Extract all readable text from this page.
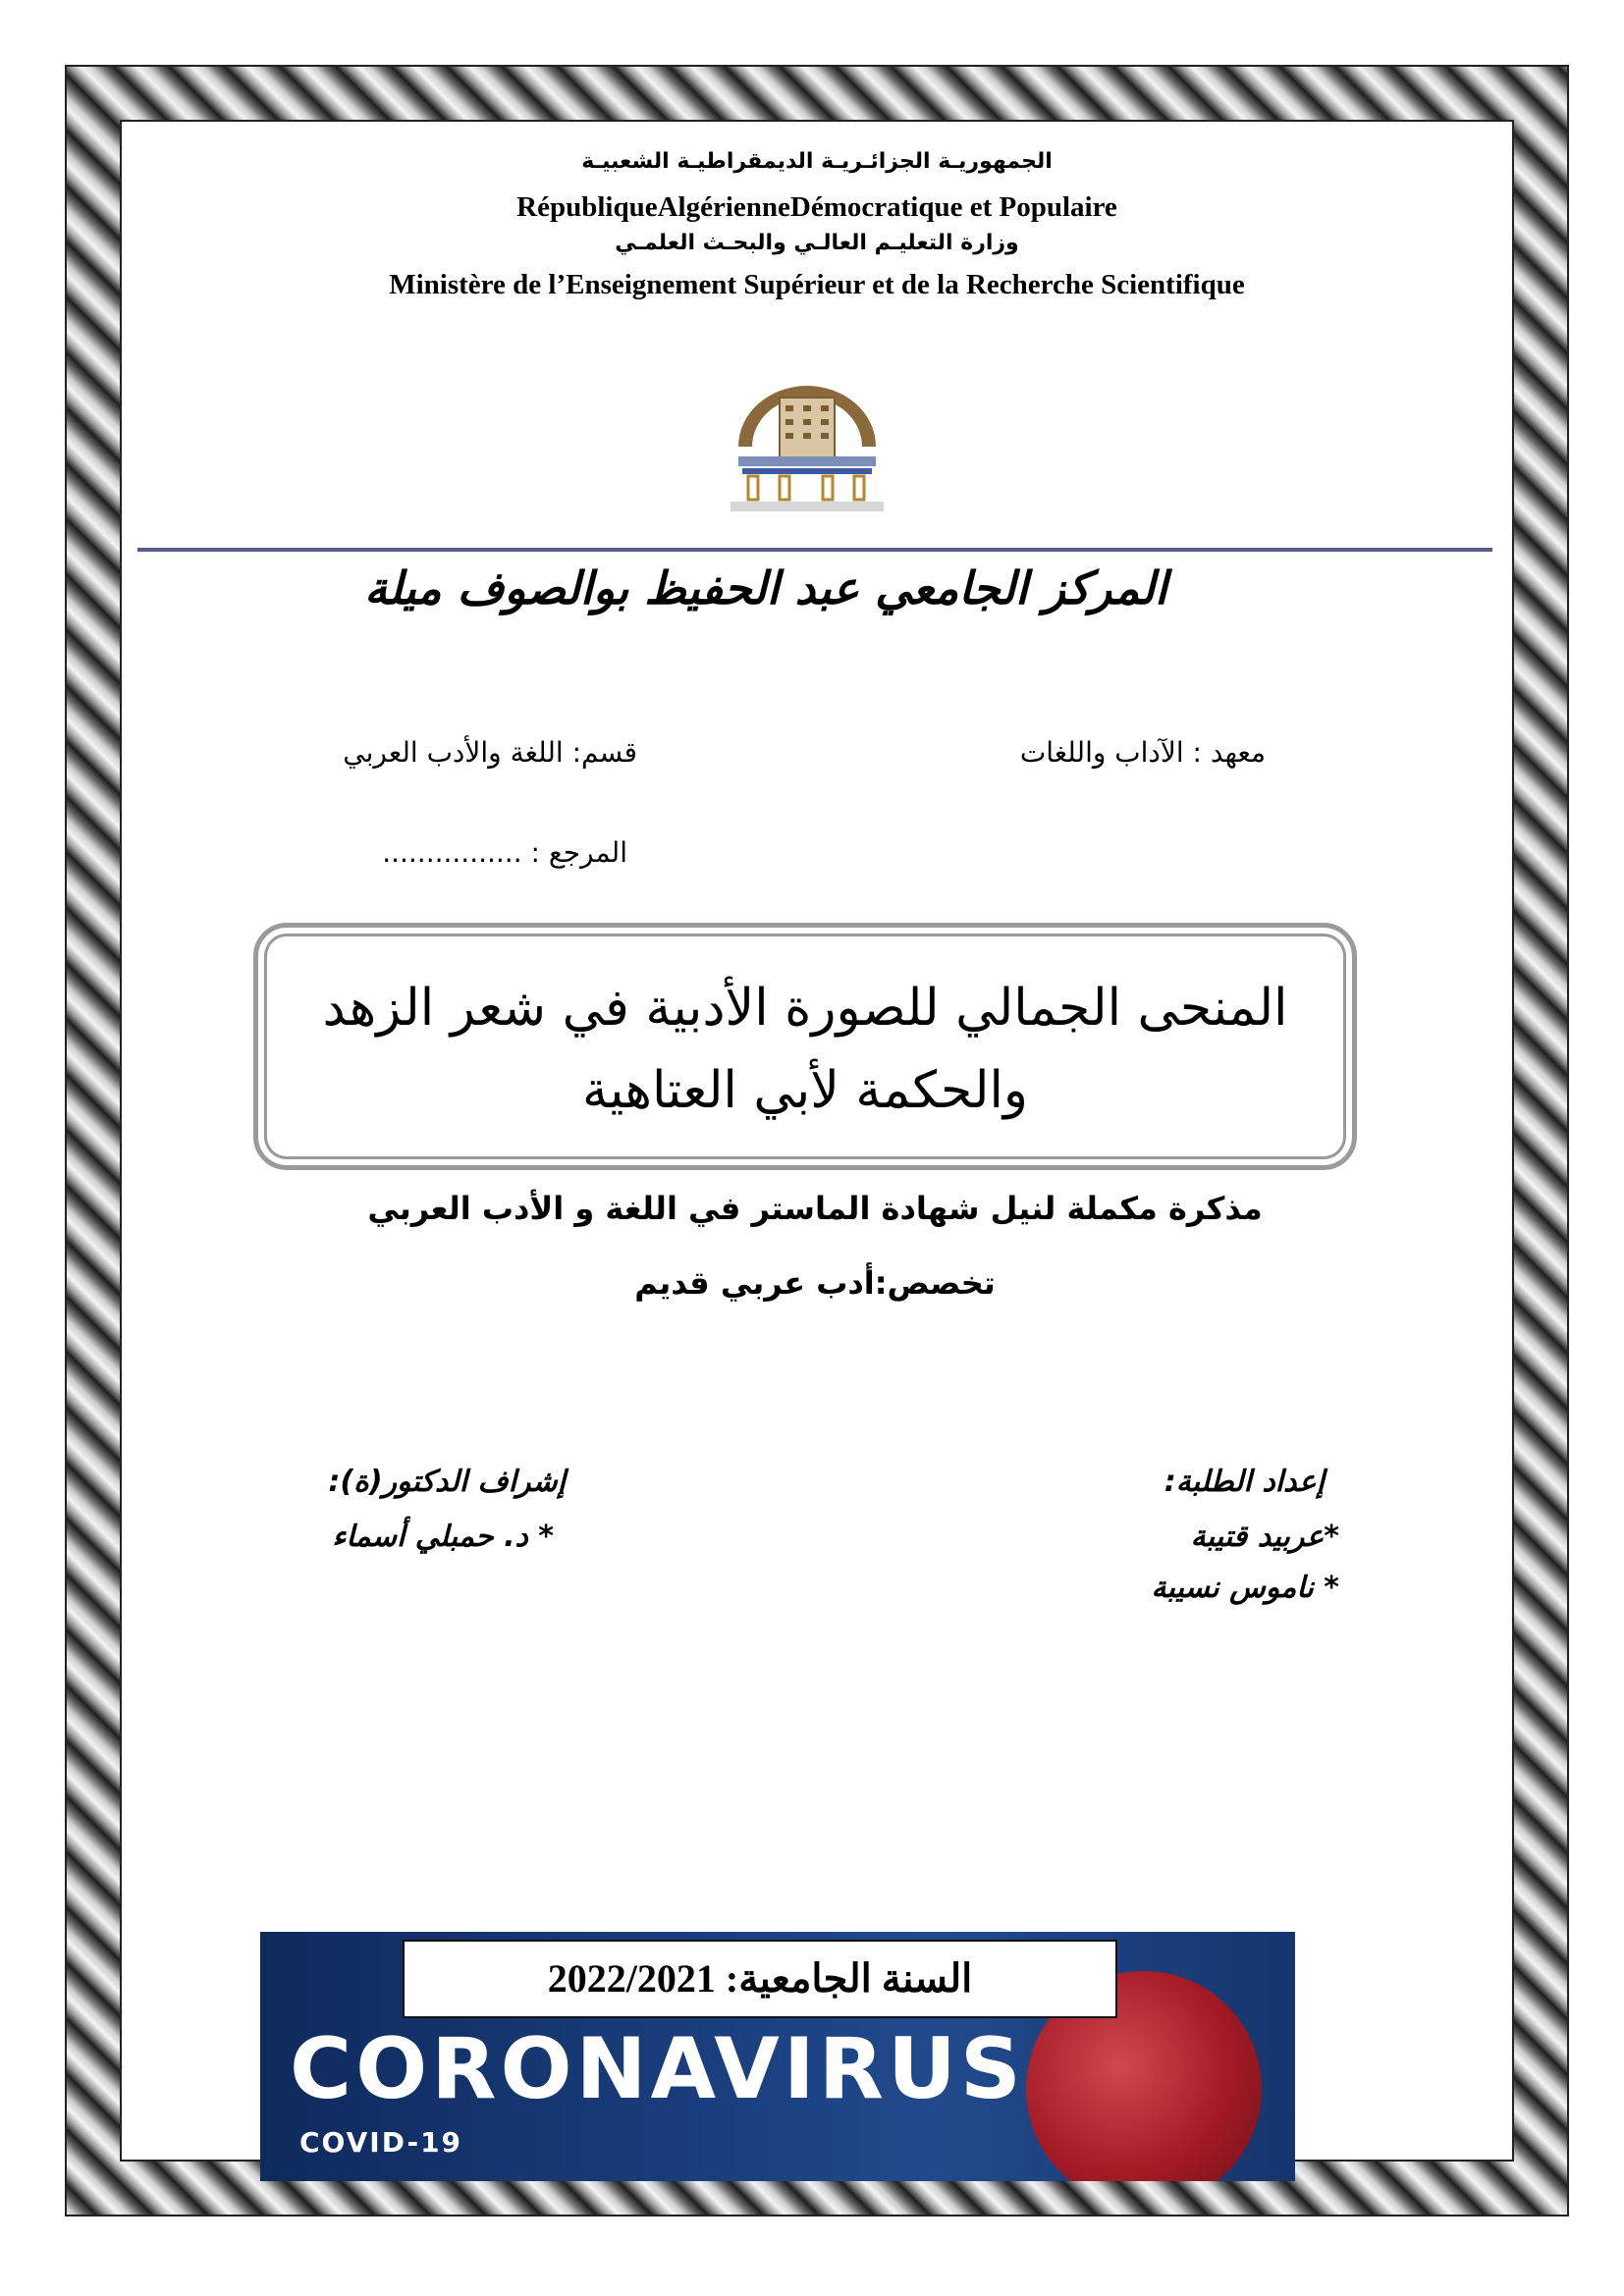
الجمهوريـة الجزائـريـة الديمقراطيـة الشعبيـة
RépubliqueAlgérienneDémocratique et Populaire
وزارة التعليـم العالـي والبحـث العلمـي
Ministère de l’Enseignement Supérieur et de la Recherche Scientifique
المركز الجامعي عبد الحفيظ بوالصوف ميلة
معهد : الآداب واللغات
قسم: اللغة والأدب العربي
المرجع : ................
المنحى الجمالي للصورة الأدبية في شعر الزهد والحكمة لأبي العتاهية
مذكرة مكملة لنيل شهادة الماستر في اللغة و الأدب العربي
تخصص:أدب عربي قديم
إعداد الطلبة:
*عربيد قتيبة
* ناموس نسيبة
إشراف الدكتور(ة):
* د. حمبلي أسماء
السنة الجامعية: 2022/2021
CORONAVIRUS
COVID-19
